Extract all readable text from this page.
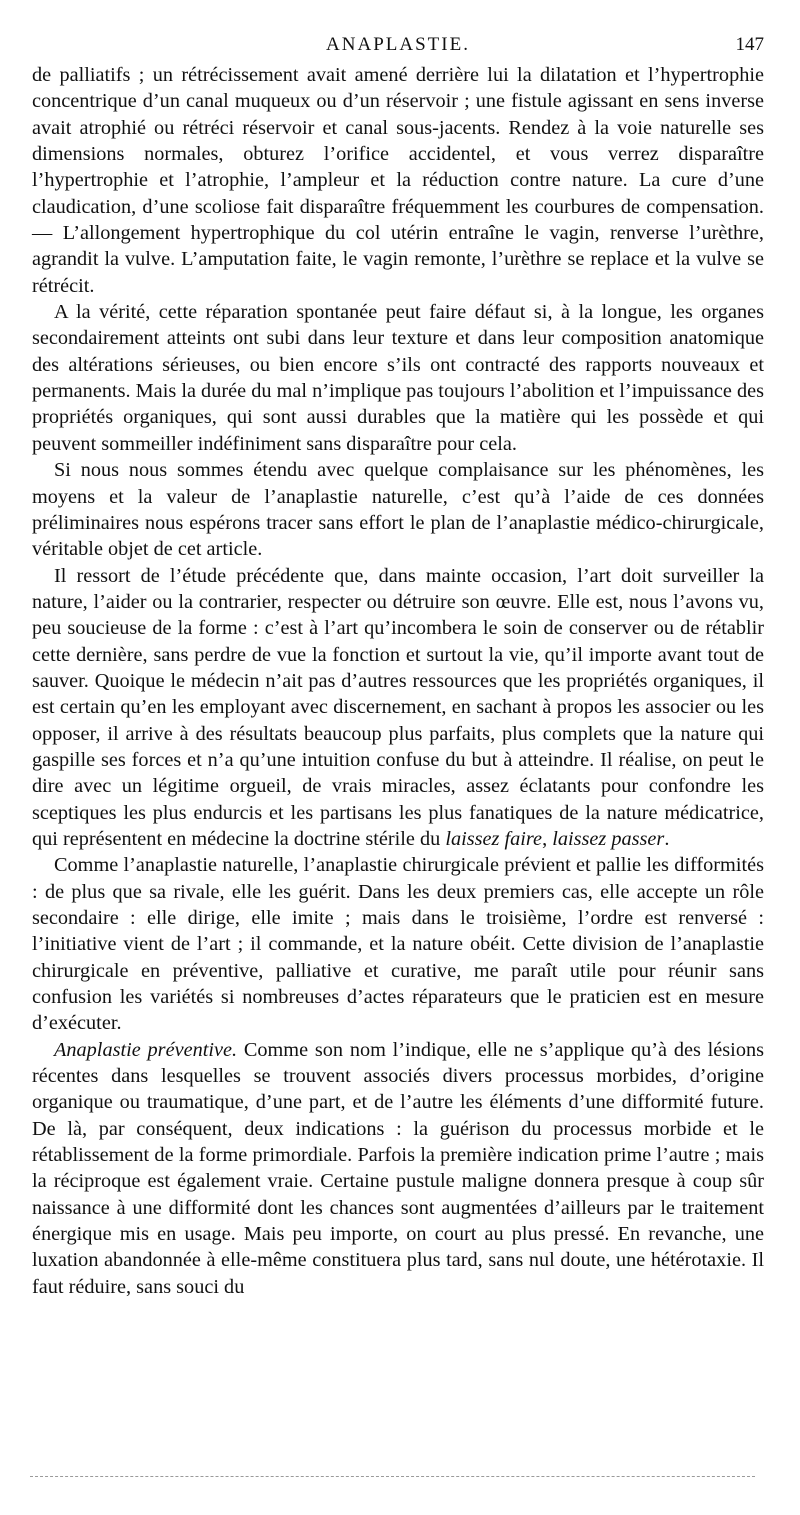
ANAPLASTIE.	147

de palliatifs ; un rétrécissement avait amené derrière lui la dilatation et l’hypertrophie concentrique d’un canal muqueux ou d’un réservoir ; une fistule agissant en sens inverse avait atrophié ou rétréci réservoir et canal sous-jacents. Rendez à la voie naturelle ses dimensions normales, obturez l’orifice accidentel, et vous verrez disparaître l’hypertrophie et l’atrophie, l’ampleur et la réduction contre nature. La cure d’une claudication, d’une scoliose fait disparaître fréquemment les courbures de compensation.— L’allongement hypertrophique du col utérin entraîne le vagin, renverse l’urèthre, agrandit la vulve. L’amputation faite, le vagin remonte, l’urèthre se replace et la vulve se rétrécit.

A la vérité, cette réparation spontanée peut faire défaut si, à la longue, les organes secondairement atteints ont subi dans leur texture et dans leur composition anatomique des altérations sérieuses, ou bien encore s’ils ont contracté des rapports nouveaux et permanents. Mais la durée du mal n’implique pas toujours l’abolition et l’impuissance des propriétés organiques, qui sont aussi durables que la matière qui les possède et qui peuvent sommeiller indéfiniment sans disparaître pour cela.

Si nous nous sommes étendu avec quelque complaisance sur les phénomènes, les moyens et la valeur de l’anaplastie naturelle, c’est qu’à l’aide de ces données préliminaires nous espérons tracer sans effort le plan de l’anaplastie médico-chirurgicale, véritable objet de cet article.

Il ressort de l’étude précédente que, dans mainte occasion, l’art doit surveiller la nature, l’aider ou la contrarier, respecter ou détruire son œuvre. Elle est, nous l’avons vu, peu soucieuse de la forme : c’est à l’art qu’incombera le soin de conserver ou de rétablir cette dernière, sans perdre de vue la fonction et surtout la vie, qu’il importe avant tout de sauver. Quoique le médecin n’ait pas d’autres ressources que les propriétés organiques, il est certain qu’en les employant avec discernement, en sachant à propos les associer ou les opposer, il arrive à des résultats beaucoup plus parfaits, plus complets que la nature qui gaspille ses forces et n’a qu’une intuition confuse du but à atteindre. Il réalise, on peut le dire avec un légitime orgueil, de vrais miracles, assez éclatants pour confondre les sceptiques les plus endurcis et les partisans les plus fanatiques de la nature médicatrice, qui représentent en médecine la doctrine stérile du laissez faire, laissez passer.

Comme l’anaplastie naturelle, l’anaplastie chirurgicale prévient et pallie les difformités : de plus que sa rivale, elle les guérit. Dans les deux premiers cas, elle accepte un rôle secondaire : elle dirige, elle imite ; mais dans le troisième, l’ordre est renversé : l’initiative vient de l’art ; il commande, et la nature obéit. Cette division de l’anaplastie chirurgicale en préventive, palliative et curative, me paraît utile pour réunir sans confusion les variétés si nombreuses d’actes réparateurs que le praticien est en mesure d’exécuter.

Anaplastie préventive. Comme son nom l’indique, elle ne s’applique qu’à des lésions récentes dans lesquelles se trouvent associés divers processus morbides, d’origine organique ou traumatique, d’une part, et de l’autre les éléments d’une difformité future. De là, par conséquent, deux indications : la guérison du processus morbide et le rétablissement de la forme primordiale. Parfois la première indication prime l’autre ; mais la réciproque est également vraie. Certaine pustule maligne donnera presque à coup sûr naissance à une difformité dont les chances sont augmentées d’ailleurs par le traitement énergique mis en usage. Mais peu importe, on court au plus pressé. En revanche, une luxation abandonnée à elle-même constituera plus tard, sans nul doute, une hétérotaxie. Il faut réduire, sans souci du
